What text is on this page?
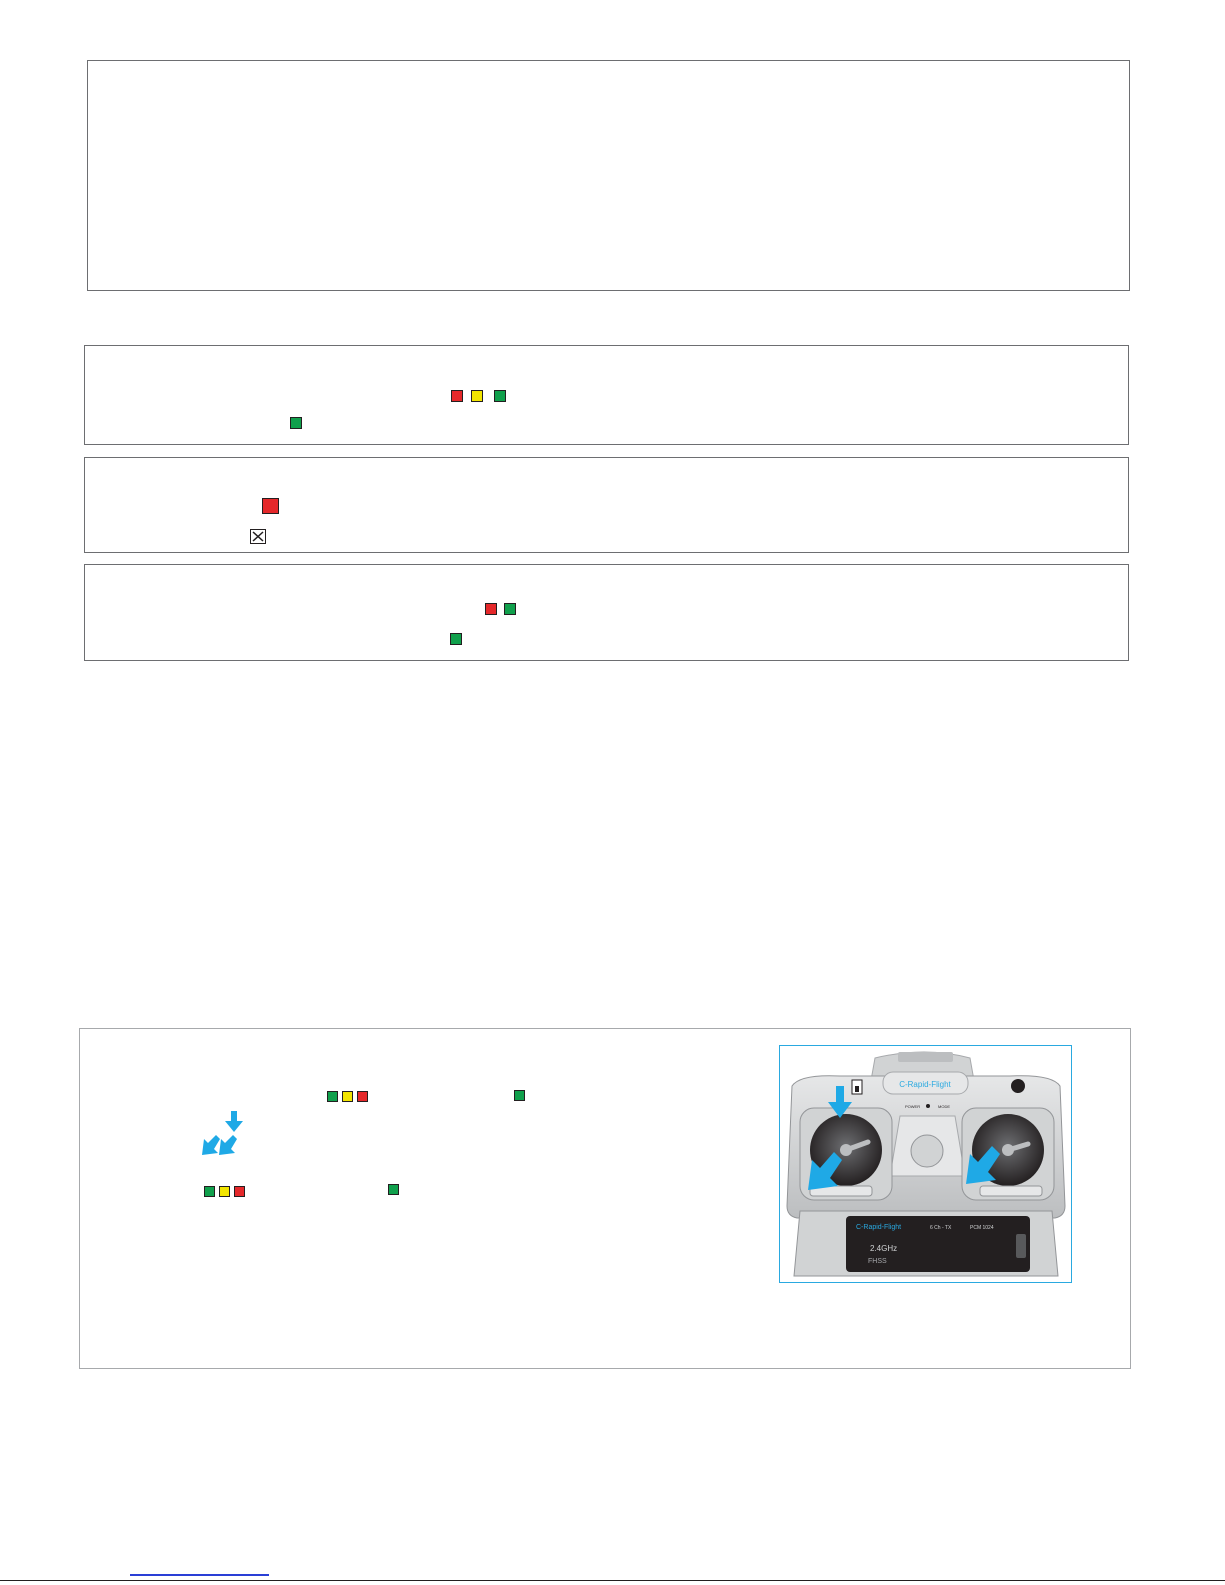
C-Rapid-Flight
POWER	MODE
C-Rapid-Flight	6 Ch - TX	PCM 1024
2.4GHz
FHSS
